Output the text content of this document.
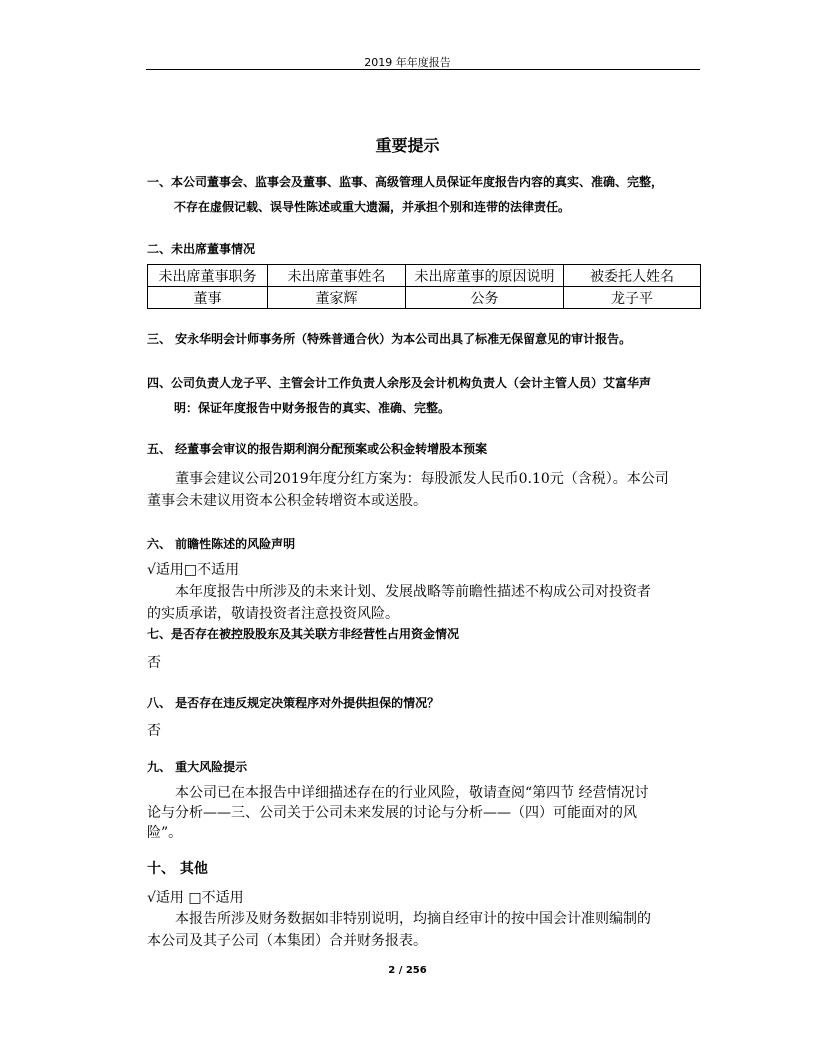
2019 年年度报告
重要提示
一、本公司董事会、监事会及董事、监事、高级管理人员保证年度报告内容的真实、准确、完整，
不存在虚假记载、误导性陈述或重大遗漏，并承担个别和连带的法律责任。
二、未出席董事情况
未出席董事职务	未出席董事姓名	未出席董事的原因说明	被委托人姓名
董事	董家辉	公务	龙子平
三、 安永华明会计师事务所（特殊普通合伙）为本公司出具了标准无保留意见的审计报告。
四、公司负责人龙子平、主管会计工作负责人余彤及会计机构负责人（会计主管人员）艾富华声
明：保证年度报告中财务报告的真实、准确、完整。
五、 经董事会审议的报告期利润分配预案或公积金转增股本预案
董事会建议公司2019年度分红方案为：每股派发人民币0.10元（含税）。本公司
董事会未建议用资本公积金转增资本或送股。
六、 前瞻性陈述的风险声明
√适用□不适用
本年度报告中所涉及的未来计划、发展战略等前瞻性描述不构成公司对投资者
的实质承诺，敬请投资者注意投资风险。
七、是否存在被控股股东及其关联方非经营性占用资金情况
否
八、 是否存在违反规定决策程序对外提供担保的情况？
否
九、 重大风险提示
本公司已在本报告中详细描述存在的行业风险，敬请查阅“第四节 经营情况讨
论与分析——三、公司关于公司未来发展的讨论与分析——（四）可能面对的风
险”。
十、 其他
√适用 □不适用
本报告所涉及财务数据如非特别说明，均摘自经审计的按中国会计准则编制的
本公司及其子公司（本集团）合并财务报表。
2 / 256
